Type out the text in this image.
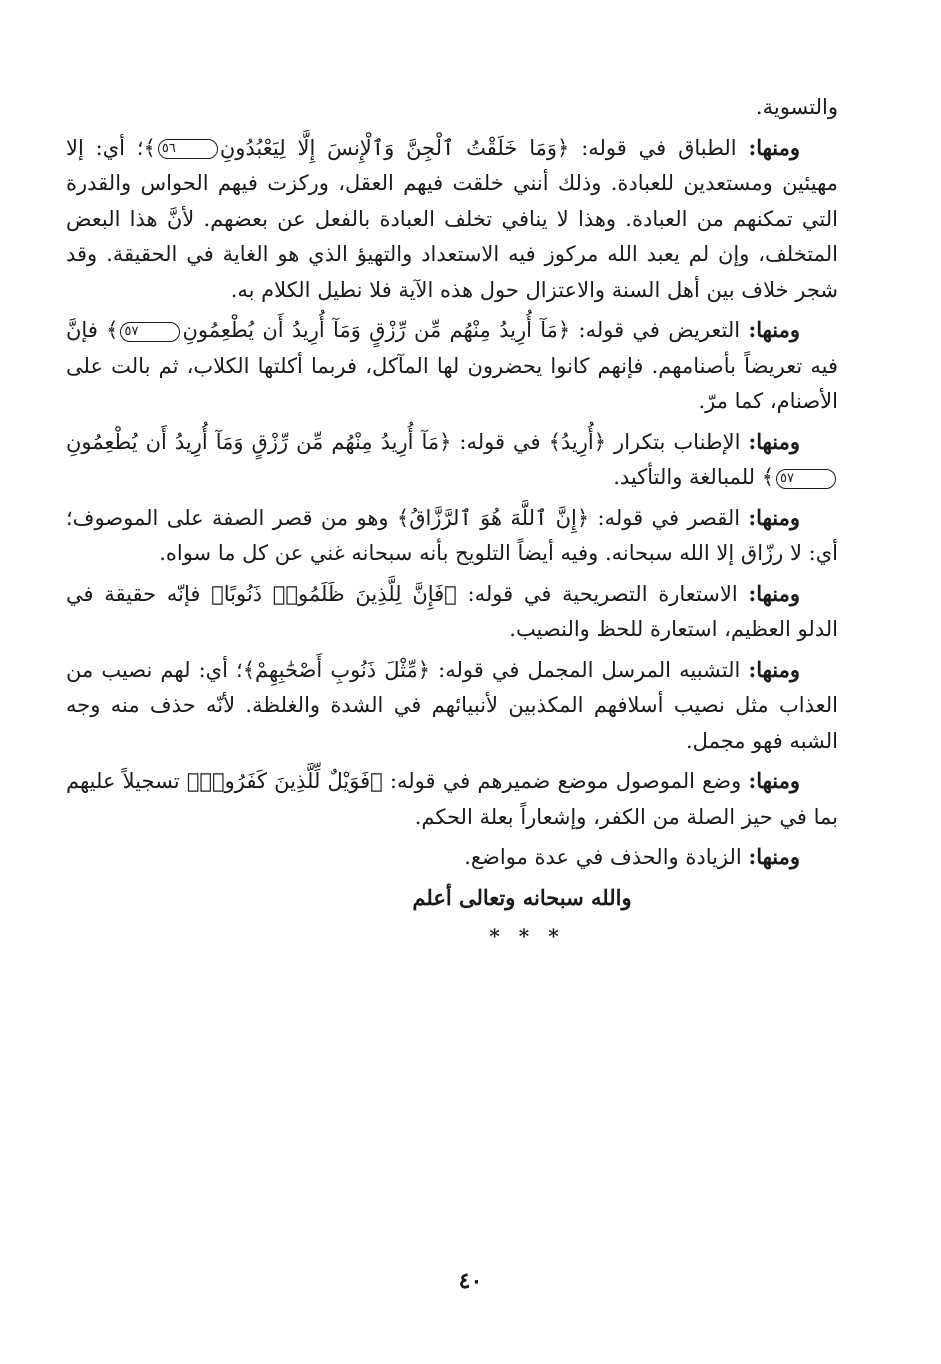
والتسوية.

ومنها: الطباق في قوله: ﴿وَمَا خَلَقْتُ ٱلْجِنَّ وَٱلْإِنسَ إِلَّا لِيَعْبُدُونِ٥٦﴾؛ أي: إلا مهيئين ومستعدين للعبادة. وذلك أنني خلقت فيهم العقل، وركزت فيهم الحواس والقدرة التي تمكنهم من العبادة. وهذا لا ينافي تخلف العبادة بالفعل عن بعضهم. لأنَّ هذا البعض المتخلف، وإن لم يعبد الله مركوز فيه الاستعداد والتهيؤ الذي هو الغاية في الحقيقة. وقد شجر خلاف بين أهل السنة والاعتزال حول هذه الآية فلا نطيل الكلام به.

ومنها: التعريض في قوله: ﴿مَآ أُرِيدُ مِنْهُم مِّن رِّزْقٍ وَمَآ أُرِيدُ أَن يُطْعِمُونِ٥٧﴾ فإنَّ فيه تعريضاً بأصنامهم. فإنهم كانوا يحضرون لها المآكل، فربما أكلتها الكلاب، ثم بالت على الأصنام، كما مرّ.

ومنها: الإطناب بتكرار ﴿أُرِيدُ﴾ في قوله: ﴿مَآ أُرِيدُ مِنْهُم مِّن رِّزْقٍ وَمَآ أُرِيدُ أَن يُطْعِمُونِ٥٧﴾ للمبالغة والتأكيد.

ومنها: القصر في قوله: ﴿إِنَّ ٱللَّهَ هُوَ ٱلرَّزَّاقُ﴾ وهو من قصر الصفة على الموصوف؛ أي: لا رزّاق إلا الله سبحانه. وفيه أيضاً التلويح بأنه سبحانه غني عن كل ما سواه.

ومنها: الاستعارة التصريحية في قوله: ﴿فَإِنَّ لِلَّذِينَ ظَلَمُوا۟ ذَنُوبًا﴾ فإنّه حقيقة في الدلو العظيم، استعارة للحظ والنصيب.

ومنها: التشبيه المرسل المجمل في قوله: ﴿مِّثْلَ ذَنُوبِ أَصْحَٰبِهِمْ﴾؛ أي: لهم نصيب من العذاب مثل نصيب أسلافهم المكذبين لأنبيائهم في الشدة والغلظة. لأنّه حذف منه وجه الشبه فهو مجمل.

ومنها: وضع الموصول موضع ضميرهم في قوله: ﴿فَوَيْلٌ لِّلَّذِينَ كَفَرُوا۟﴾ تسجيلاً عليهم بما في حيز الصلة من الكفر، وإشعاراً بعلة الحكم.

ومنها: الزيادة والحذف في عدة مواضع.

والله سبحانه وتعالى أعلم

* * *

٤٠
